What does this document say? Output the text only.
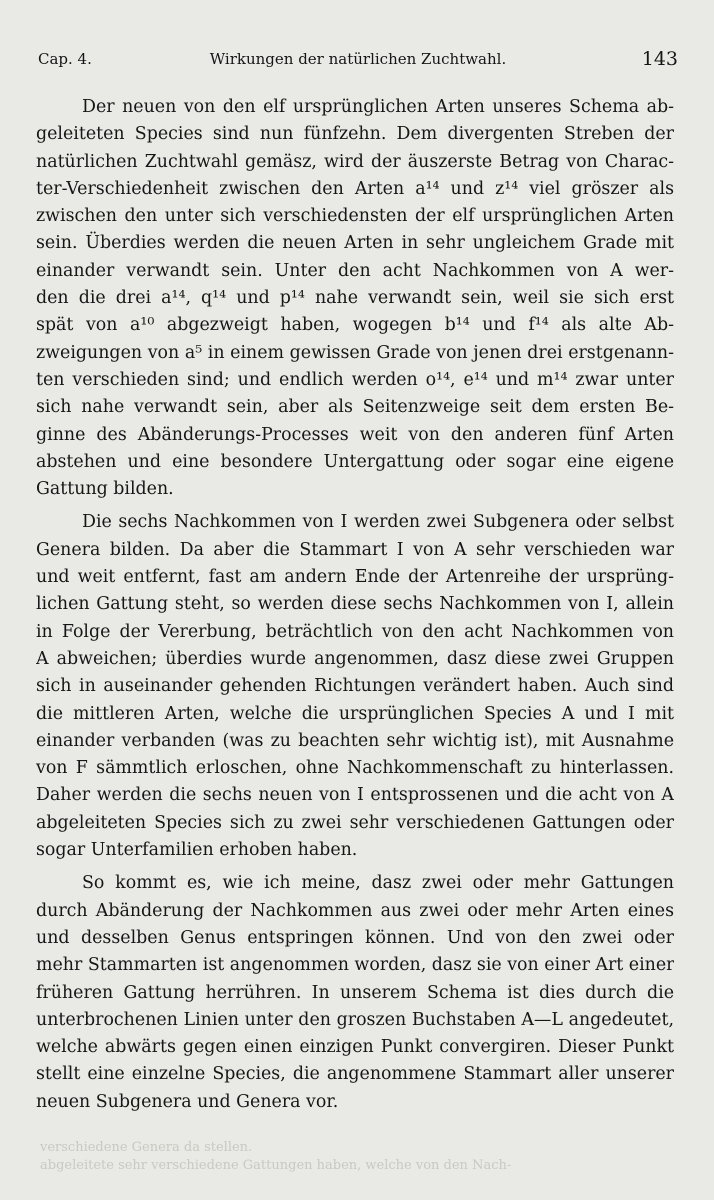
Cap. 4.	Wirkungen der natürlichen Zuchtwahl.	143
Der neuen von den elf ursprünglichen Arten unseres Schema ab-
geleiteten Species sind nun fünfzehn. Dem divergenten Streben der
natürlichen Zuchtwahl gemäsz, wird der äuszerste Betrag von Charac-
ter-Verschiedenheit zwischen den Arten a¹⁴ und z¹⁴ viel gröszer als
zwischen den unter sich verschiedensten der elf ursprünglichen Arten
sein. Überdies werden die neuen Arten in sehr ungleichem Grade mit
einander verwandt sein. Unter den acht Nachkommen von A wer-
den die drei a¹⁴, q¹⁴ und p¹⁴ nahe verwandt sein, weil sie sich erst
spät von a¹⁰ abgezweigt haben, wogegen b¹⁴ und f¹⁴ als alte Ab-
zweigungen von a⁵ in einem gewissen Grade von jenen drei erstgenann-
ten verschieden sind; und endlich werden o¹⁴, e¹⁴ und m¹⁴ zwar unter
sich nahe verwandt sein, aber als Seitenzweige seit dem ersten Be-
ginne des Abänderungs-Processes weit von den anderen fünf Arten
abstehen und eine besondere Untergattung oder sogar eine eigene
Gattung bilden.
Die sechs Nachkommen von I werden zwei Subgenera oder selbst
Genera bilden. Da aber die Stammart I von A sehr verschieden war
und weit entfernt, fast am andern Ende der Artenreihe der ursprüng-
lichen Gattung steht, so werden diese sechs Nachkommen von I, allein
in Folge der Vererbung, beträchtlich von den acht Nachkommen von
A abweichen; überdies wurde angenommen, dasz diese zwei Gruppen
sich in auseinander gehenden Richtungen verändert haben. Auch sind
die mittleren Arten, welche die ursprünglichen Species A und I mit
einander verbanden (was zu beachten sehr wichtig ist), mit Ausnahme
von F sämmtlich erloschen, ohne Nachkommenschaft zu hinterlassen.
Daher werden die sechs neuen von I entsprossenen und die acht von A
abgeleiteten Species sich zu zwei sehr verschiedenen Gattungen oder
sogar Unterfamilien erhoben haben.
So kommt es, wie ich meine, dasz zwei oder mehr Gattungen
durch Abänderung der Nachkommen aus zwei oder mehr Arten eines
und desselben Genus entspringen können. Und von den zwei oder
mehr Stammarten ist angenommen worden, dasz sie von einer Art einer
früheren Gattung herrühren. In unserem Schema ist dies durch die
unterbrochenen Linien unter den groszen Buchstaben A—L angedeutet,
welche abwärts gegen einen einzigen Punkt convergiren. Dieser Punkt
stellt eine einzelne Species, die angenommene Stammart aller unserer
neuen Subgenera und Genera vor.
verschiedene Genera da stellen.
abgeleitete sehr verschiedene Gattungen haben, welche von den Nach-
